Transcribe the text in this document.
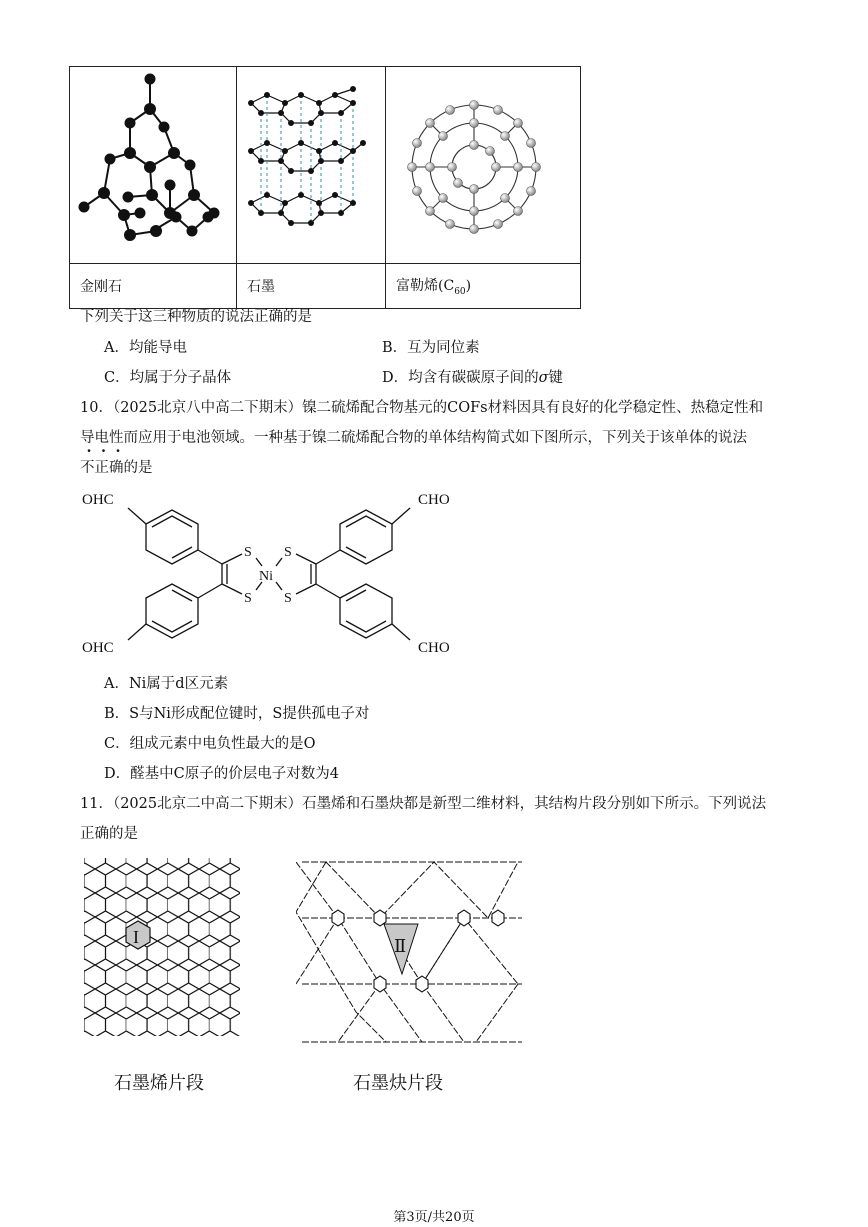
金刚石	石墨	富勒烯$(C_{60})$
下列关于这三种物质的说法正确的是
A．均能导电	B．互为同位素
C．均属于分子晶体	D．均含有碳碳原子间的σ键
10．（2025北京八中高二下期末）镍二硫烯配合物基元的COFs材料因具有良好的化学稳定性、热稳定性和
导电性而应用于电池领域。一种基于镍二硫烯配合物的单体结构简式如下图所示，下列关于该单体的说法
不正确的是
OHC	CHO
OHC	CHO
S
S
S
S
Ni
A．Ni属于d区元素
B．S与Ni形成配位键时，S提供孤电子对
C．组成元素中电负性最大的是O
D．醛基中C原子的价层电子对数为4
11．（2025北京二中高二下期末）石墨烯和石墨炔都是新型二维材料，其结构片段分别如下所示。下列说法
正确的是
I
石墨烯片段
Ⅱ
石墨炔片段
第3页/共20页
